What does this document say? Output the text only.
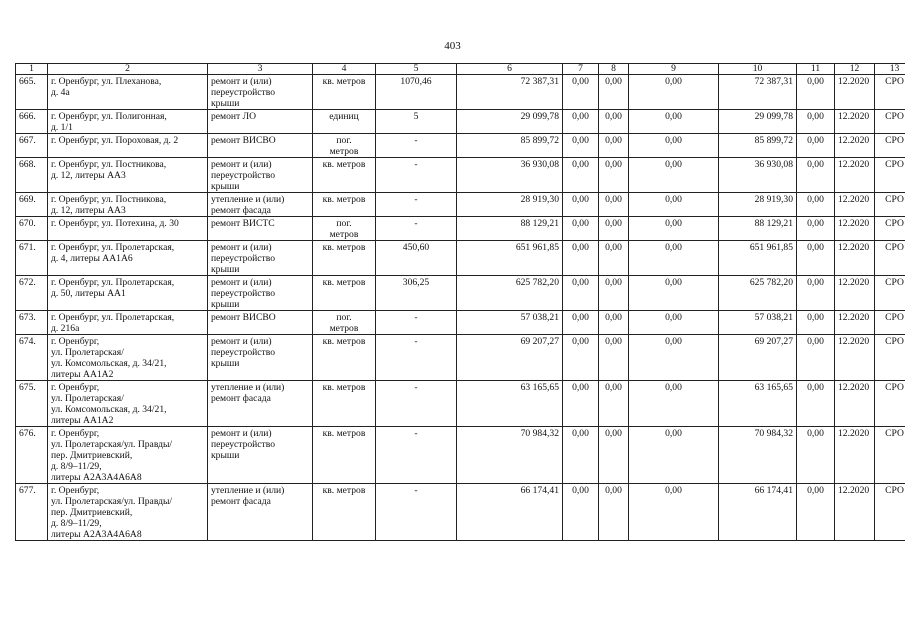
403
1	2	3	4	5	6	7	8	9	10	11	12	13
665.	г. Оренбург, ул. Плеханова,
д. 4а	ремонт и (или)
переустройство
крыши	кв. метров	1070,46	72 387,31	0,00	0,00	0,00	72 387,31	0,00	12.2020	СРО
666.	г. Оренбург, ул. Полигонная,
д. 1/1	ремонт ЛО	единиц	5	29 099,78	0,00	0,00	0,00	29 099,78	0,00	12.2020	СРО
667.	г. Оренбург, ул. Пороховая, д. 2	ремонт ВИСВО	пог.
метров	-	85 899,72	0,00	0,00	0,00	85 899,72	0,00	12.2020	СРО
668.	г. Оренбург, ул. Постникова,
д. 12, литеры АА3	ремонт и (или)
переустройство
крыши	кв. метров	-	36 930,08	0,00	0,00	0,00	36 930,08	0,00	12.2020	СРО
669.	г. Оренбург, ул. Постникова,
д. 12, литеры АА3	утепление и (или)
ремонт фасада	кв. метров	-	28 919,30	0,00	0,00	0,00	28 919,30	0,00	12.2020	СРО
670.	г. Оренбург, ул. Потехина, д. 30	ремонт ВИСТС	пог.
метров	-	88 129,21	0,00	0,00	0,00	88 129,21	0,00	12.2020	СРО
671.	г. Оренбург, ул. Пролетарская,
д. 4, литеры АА1А6	ремонт и (или)
переустройство
крыши	кв. метров	450,60	651 961,85	0,00	0,00	0,00	651 961,85	0,00	12.2020	СРО
672.	г. Оренбург, ул. Пролетарская,
д. 50, литеры АА1	ремонт и (или)
переустройство
крыши	кв. метров	306,25	625 782,20	0,00	0,00	0,00	625 782,20	0,00	12.2020	СРО
673.	г. Оренбург, ул. Пролетарская,
д. 216а	ремонт ВИСВО	пог.
метров	-	57 038,21	0,00	0,00	0,00	57 038,21	0,00	12.2020	СРО
674.	г. Оренбург,
ул. Пролетарская/
ул. Комсомольская, д. 34/21,
литеры АА1А2	ремонт и (или)
переустройство
крыши	кв. метров	-	69 207,27	0,00	0,00	0,00	69 207,27	0,00	12.2020	СРО
675.	г. Оренбург,
ул. Пролетарская/
ул. Комсомольская, д. 34/21,
литеры АА1А2	утепление и (или)
ремонт фасада	кв. метров	-	63 165,65	0,00	0,00	0,00	63 165,65	0,00	12.2020	СРО
676.	г. Оренбург,
ул. Пролетарская/ул. Правды/
пер. Дмитриевский,
д. 8/9–11/29,
литеры А2А3А4А6А8	ремонт и (или)
переустройство
крыши	кв. метров	-	70 984,32	0,00	0,00	0,00	70 984,32	0,00	12.2020	СРО
677.	г. Оренбург,
ул. Пролетарская/ул. Правды/
пер. Дмитриевский,
д. 8/9–11/29,
литеры А2А3А4А6А8	утепление и (или)
ремонт фасада	кв. метров	-	66 174,41	0,00	0,00	0,00	66 174,41	0,00	12.2020	СРО
